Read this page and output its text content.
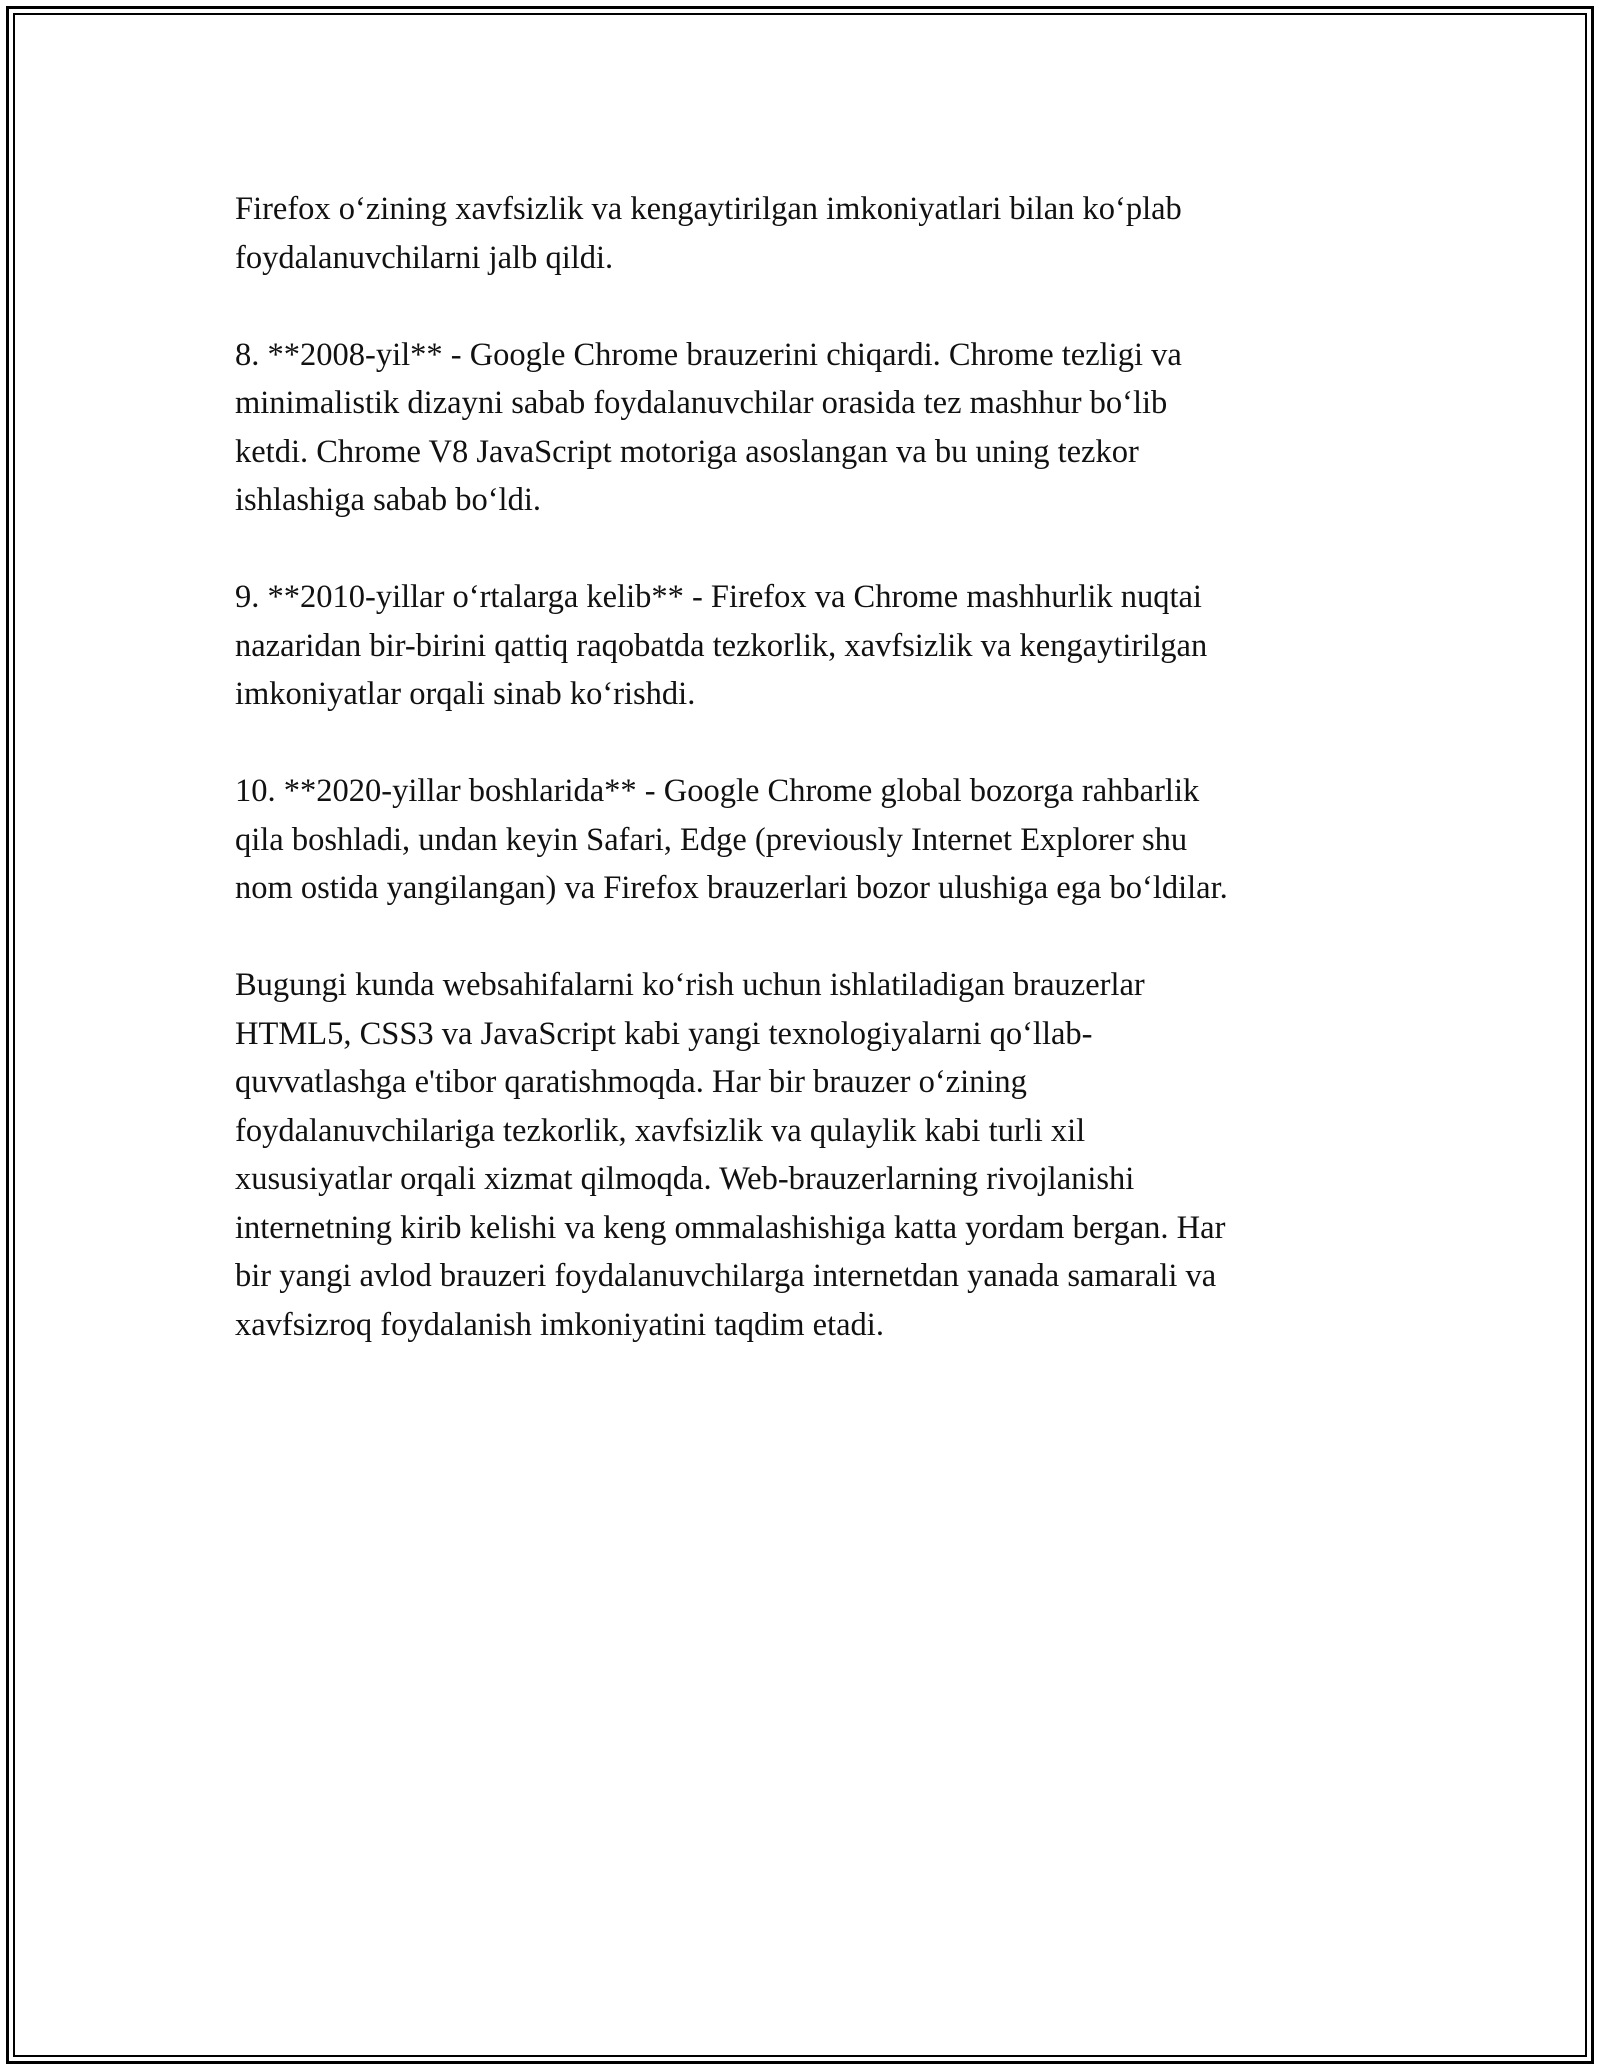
Firefox o‘zining xavfsizlik va kengaytirilgan imkoniyatlari bilan ko‘plab
foydalanuvchilarni jalb qildi.

8. **2008-yil** - Google Chrome brauzerini chiqardi. Chrome tezligi va
minimalistik dizayni sabab foydalanuvchilar orasida tez mashhur bo‘lib
ketdi. Chrome V8 JavaScript motoriga asoslangan va bu uning tezkor
ishlashiga sabab bo‘ldi.

9. **2010-yillar o‘rtalarga kelib** - Firefox va Chrome mashhurlik nuqtai
nazaridan bir-birini qattiq raqobatda tezkorlik, xavfsizlik va kengaytirilgan
imkoniyatlar orqali sinab ko‘rishdi.

10. **2020-yillar boshlarida** - Google Chrome global bozorga rahbarlik
qila boshladi, undan keyin Safari, Edge (previously Internet Explorer shu
nom ostida yangilangan) va Firefox brauzerlari bozor ulushiga ega bo‘ldilar.

Bugungi kunda websahifalarni ko‘rish uchun ishlatiladigan brauzerlar
HTML5, CSS3 va JavaScript kabi yangi texnologiyalarni qo‘llab-
quvvatlashga e'tibor qaratishmoqda. Har bir brauzer o‘zining
foydalanuvchilariga tezkorlik, xavfsizlik va qulaylik kabi turli xil
xususiyatlar orqali xizmat qilmoqda. Web-brauzerlarning rivojlanishi
internetning kirib kelishi va keng ommalashishiga katta yordam bergan. Har
bir yangi avlod brauzeri foydalanuvchilarga internetdan yanada samarali va
xavfsizroq foydalanish imkoniyatini taqdim etadi.
